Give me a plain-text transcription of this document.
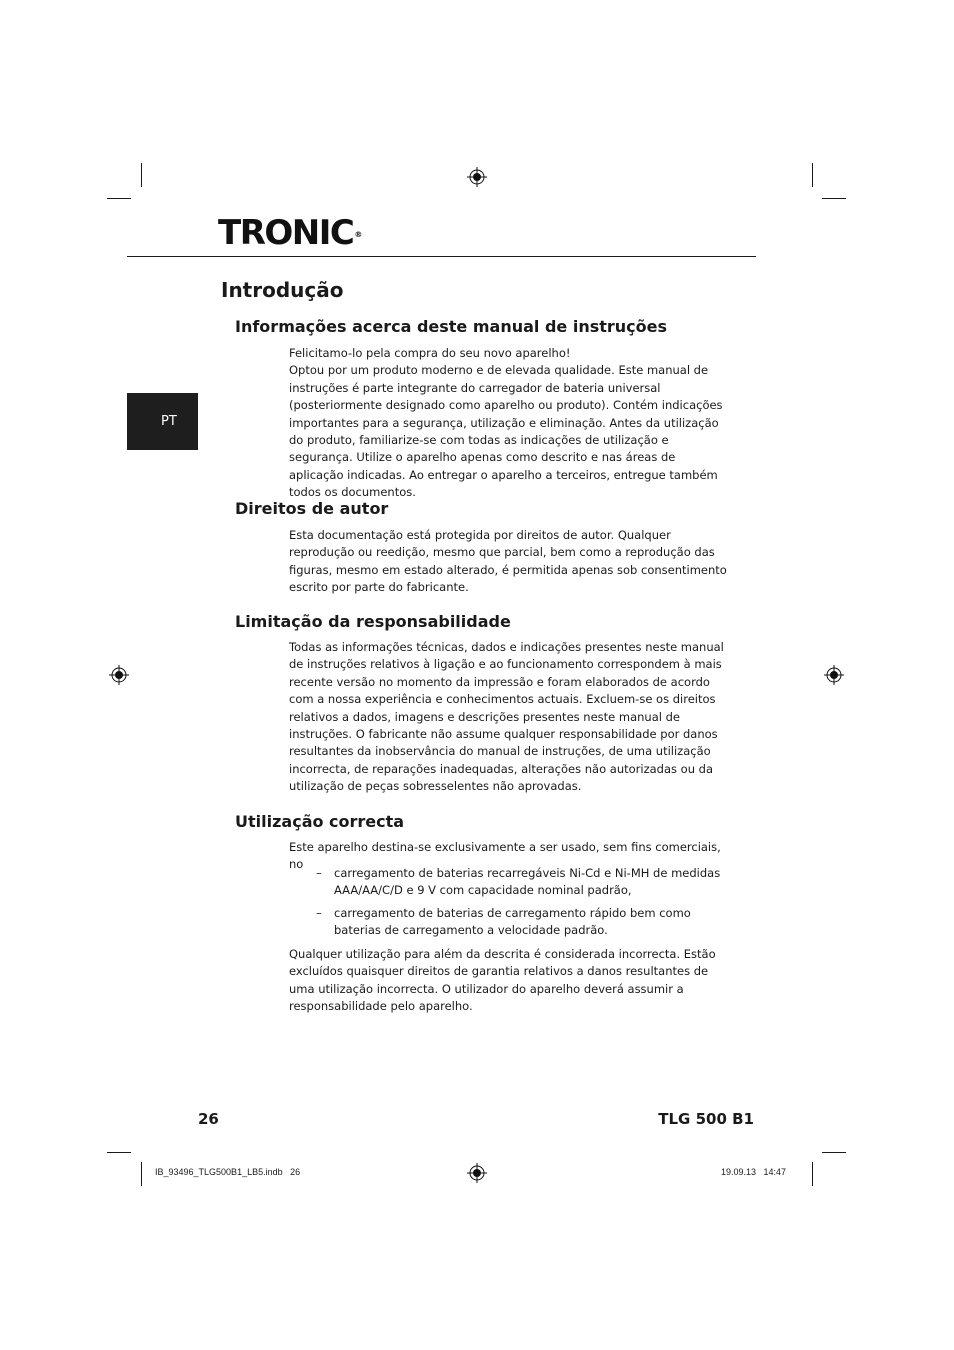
TRONIC®
PT
Introdução
Informações acerca deste manual de instruções

Felicitamo-lo pela compra do seu novo aparelho!

Optou por um produto moderno e de elevada qualidade. Este manual de instruções é parte integrante do carregador de bateria universal (posteriormente designado como aparelho ou produto). Contém indicações importantes para a segurança, utilização e eliminação. Antes da utilização do produto, familiarize-se com todas as indicações de utilização e segurança. Utilize o aparelho apenas como descrito e nas áreas de aplicação indicadas. Ao entregar o aparelho a terceiros, entregue também todos os documentos.

Direitos de autor

Esta documentação está protegida por direitos de autor. Qualquer reprodução ou reedição, mesmo que parcial, bem como a reprodução das figuras, mesmo em estado alterado, é permitida apenas sob consentimento escrito por parte do fabricante.

Limitação da responsabilidade

Todas as informações técnicas, dados e indicações presentes neste manual de instruções relativos à ligação e ao funcionamento correspondem à mais recente versão no momento da impressão e foram elaborados de acordo com a nossa experiência e conhecimentos actuais. Excluem-se os direitos relativos a dados, imagens e descrições presentes neste manual de instruções. O fabricante não assume qualquer responsabilidade por danos resultantes da inobservância do manual de instruções, de uma utilização incorrecta, de reparações inadequadas, alterações não autorizadas ou da utilização de peças sobresselentes não aprovadas.

Utilização correcta

Este aparelho destina-se exclusivamente a ser usado, sem fins comerciais, no

– carregamento de baterias recarregáveis Ni-Cd e Ni-MH de medidas AAA/AA/C/D e 9 V com capacidade nominal padrão,
– carregamento de baterias de carregamento rápido bem como baterias de carregamento a velocidade padrão.

Qualquer utilização para além da descrita é considerada incorrecta. Estão excluídos quaisquer direitos de garantia relativos a danos resultantes de uma utilização incorrecta. O utilizador do aparelho deverá assumir a responsabilidade pelo aparelho.

26	TLG 500 B1
IB_93496_TLG500B1_LB5.indb   26	19.09.13   14:47
